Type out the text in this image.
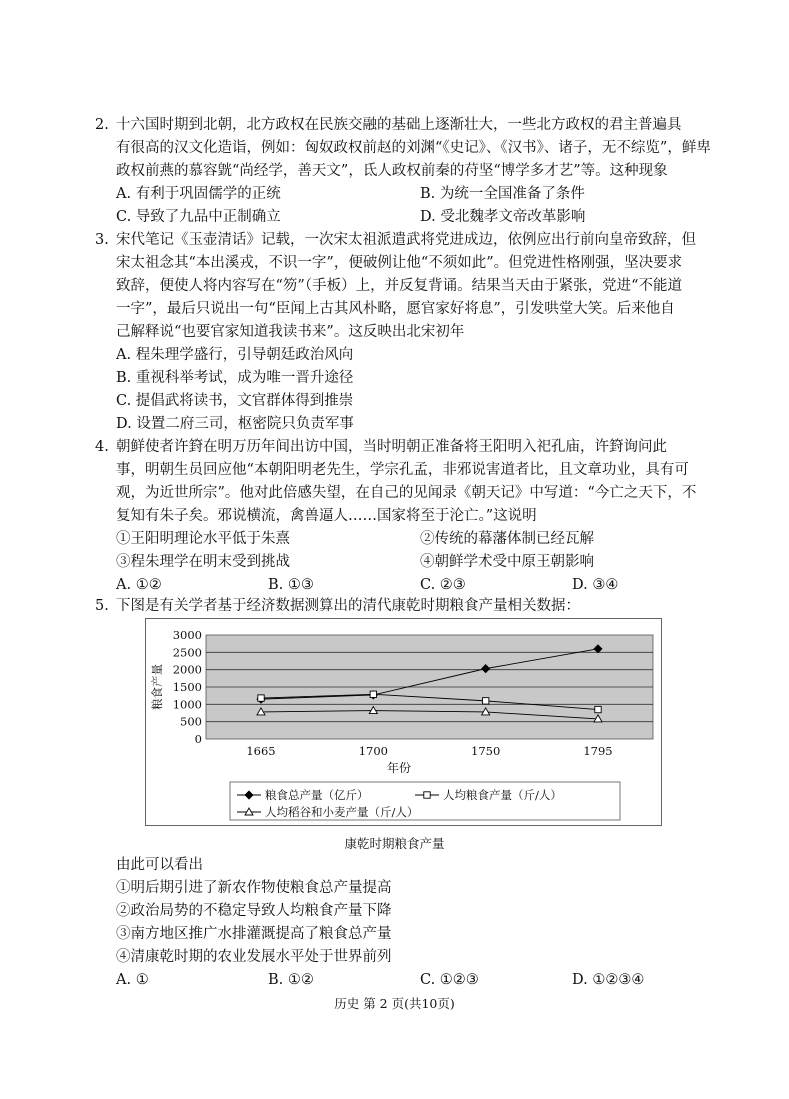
2. 十六国时期到北朝，北方政权在民族交融的基础上逐渐壮大，一些北方政权的君主普遍具
有很高的汉文化造诣，例如：匈奴政权前赵的刘渊“《史记》、《汉书》、诸子，无不综览”，鲜卑
政权前燕的慕容皝“尚经学，善天文”，氐人政权前秦的苻坚“博学多才艺”等。这种现象
A. 有利于巩固儒学的正统	B. 为统一全国准备了条件
C. 导致了九品中正制确立	D. 受北魏孝文帝改革影响
3. 宋代笔记《玉壶清话》记载，一次宋太祖派遣武将党进成边，依例应出行前向皇帝致辞，但
宋太祖念其“本出溪戎，不识一字”，便破例让他“不须如此”。但党进性格刚强，坚决要求
致辞，便使人将内容写在“笏”（手板）上，并反复背诵。结果当天由于紧张，党进“不能道
一字”，最后只说出一句“臣闻上古其风朴略，愿官家好将息”，引发哄堂大笑。后来他自
己解释说“也要官家知道我读书来”。这反映出北宋初年
A. 程朱理学盛行，引导朝廷政治风向
B. 重视科举考试，成为唯一晋升途径
C. 提倡武将读书，文官群体得到推崇
D. 设置二府三司，枢密院只负责军事
4. 朝鲜使者许篈在明万历年间出访中国，当时明朝正准备将王阳明入祀孔庙，许篈询问此
事，明朝生员回应他“本朝阳明老先生，学宗孔孟，非邪说害道者比，且文章功业，具有可
观，为近世所宗”。他对此倍感失望，在自己的见闻录《朝天记》中写道：“今亡之天下，不
复知有朱子矣。邪说横流，禽兽逼人……国家将至于沦亡。”这说明
①王阳明理论水平低于朱熹	②传统的幕藩体制已经瓦解
③程朱理学在明末受到挑战	④朝鲜学术受中原王朝影响
A. ①②	B. ①③	C. ②③	D. ③④
5. 下图是有关学者基于经济数据测算出的清代康乾时期粮食产量相关数据：
0
500
1000
1500
2000
2500
3000
1665	1700	1750	1795
粮食产量
年份
粮食总产量（亿斤）	人均粮食产量（斤/人）
人均稻谷和小麦产量（斤/人）
康乾时期粮食产量
由此可以看出
①明后期引进了新农作物使粮食总产量提高
②政治局势的不稳定导致人均粮食产量下降
③南方地区推广水排灌溉提高了粮食总产量
④清康乾时期的农业发展水平处于世界前列
A. ①	B. ①②	C. ①②③	D. ①②③④
历史 第 2 页(共10页)
